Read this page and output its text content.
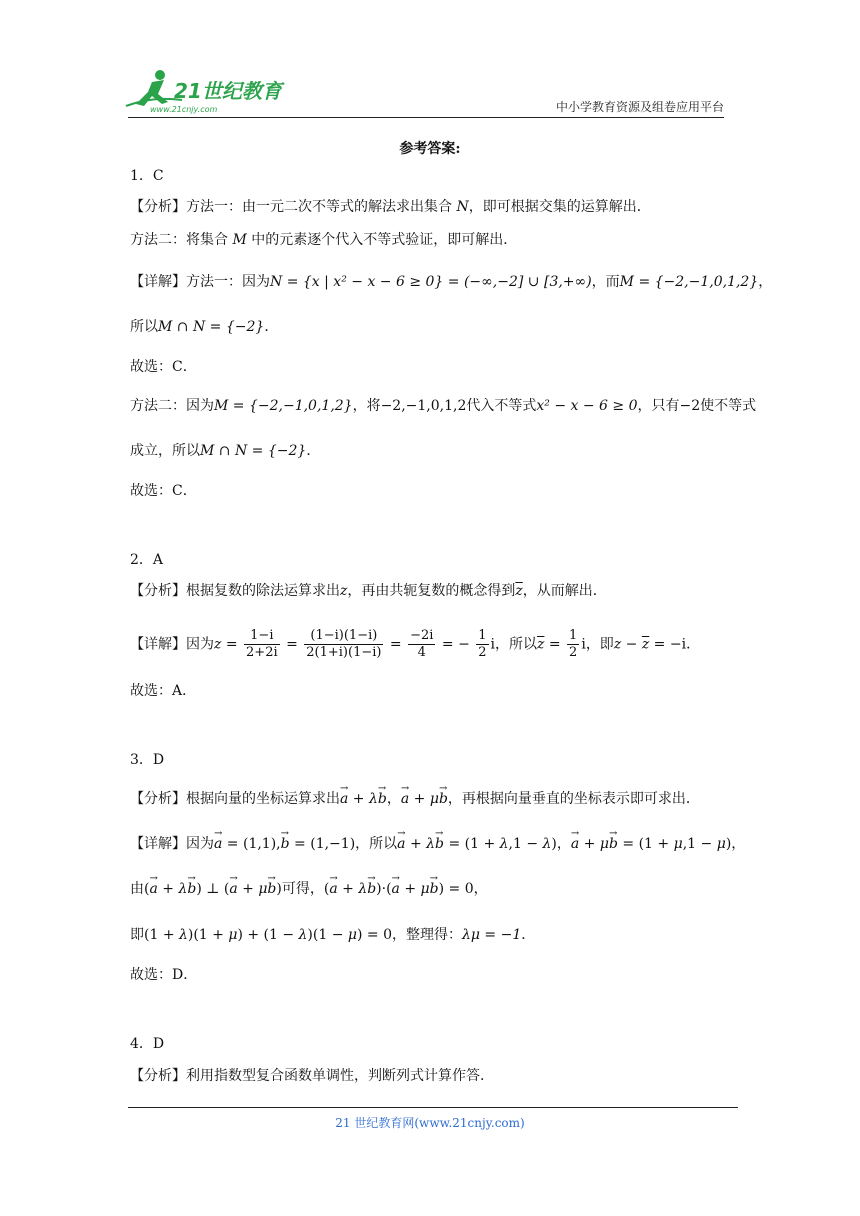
21世纪教育
www.21cnjy.com	中小学教育资源及组卷应用平台
参考答案:
1．C
【分析】方法一：由一元二次不等式的解法求出集合 N，即可根据交集的运算解出．
方法二：将集合 M 中的元素逐个代入不等式验证，即可解出．
【详解】方法一：因为N = {x | x² − x − 6 ≥ 0} = (−∞,−2] ∪ [3,+∞)，而M = {−2,−1,0,1,2}，
所以M ∩ N = {−2}．
故选：C．
方法二：因为M = {−2,−1,0,1,2}，将−2,−1,0,1,2代入不等式x² − x − 6 ≥ 0，只有−2使不等式
成立，所以M ∩ N = {−2}．
故选：C．
2．A
【分析】根据复数的除法运算求出z，再由共轭复数的概念得到$\overline{z}$，从而解出．
【详解】因为$z = \frac{1-i}{2+2i} = \frac{(1-i)(1-i)}{2(1+i)(1-i)} = \frac{-2i}{4}$ = − $\frac{1}{2}$ i，所以$\overline{z} = \frac{1}{2}$ i，即$z - \overline{z} = -i$．
故选：A．
3．D
【分析】根据向量的坐标运算求出→ a + λ→ b，→ a + μ→ b，再根据向量垂直的坐标表示即可求出．
【详解】因为→ a = (1,1),→ b = (1,−1)，所以→ a + λ→ b = (1 + λ,1 − λ)，→ a + μ→ b = (1 + μ,1 − μ)，
由(→ a + λ→ b) ⊥ (→ a + μ→ b)可得，(→ a + λ→ b)·(→ a + μ→ b) = 0，
即(1 + λ)(1 + μ) + (1 − λ)(1 − μ) = 0，整理得：λμ = −1．
故选：D．
4．D
【分析】利用指数型复合函数单调性，判断列式计算作答.
21 世纪教育网(www.21cnjy.com)
